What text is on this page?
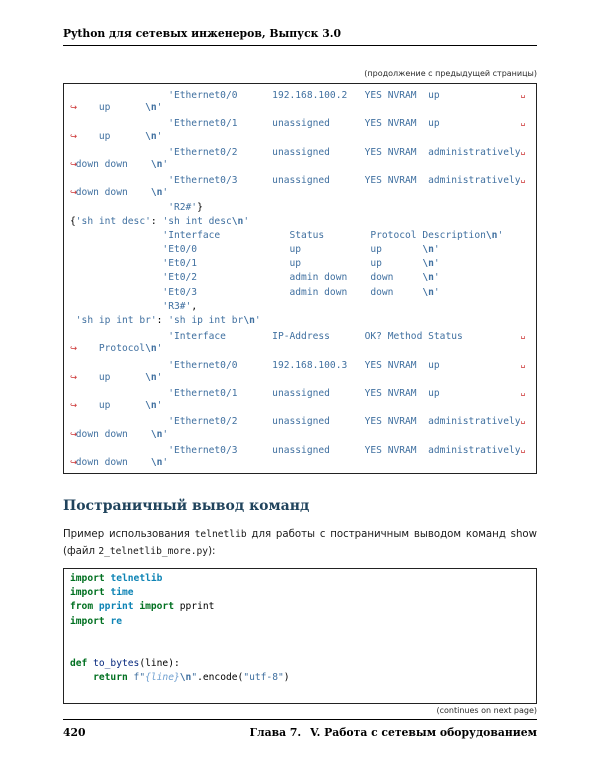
Python для сетевых инженеров, Выпуск 3.0
(продолжение с предыдущей страницы)
'Ethernet0/0      192.168.100.2   YES NVRAM  up	␣
↪    up      \n'
'Ethernet0/1      unassigned      YES NVRAM  up	␣
↪    up      \n'
'Ethernet0/2      unassigned      YES NVRAM  administratively␣
↪down down    \n'
'Ethernet0/3      unassigned      YES NVRAM  administratively␣
↪down down    \n'
'R2#'}
{'sh int desc': 'sh int desc\n'
'Interface            Status        Protocol Description\n'
'Et0/0                up            up       \n'
'Et0/1                up            up       \n'
'Et0/2                admin down    down     \n'
'Et0/3                admin down    down     \n'
'R3#',
'sh ip int br': 'sh ip int br\n'
'Interface        IP-Address      OK? Method Status	␣
↪    Protocol\n'
'Ethernet0/0      192.168.100.3   YES NVRAM  up	␣
↪    up      \n'
'Ethernet0/1      unassigned      YES NVRAM  up	␣
↪    up      \n'
'Ethernet0/2      unassigned      YES NVRAM  administratively␣
↪down down    \n'
'Ethernet0/3      unassigned      YES NVRAM  administratively␣
↪down down    \n'
Постраничный вывод команд

Пример использования telnetlib для работы с постраничным выводом команд show (файл 2_telnetlib_more.py):

import telnetlib
import time
from pprint import pprint
import re

def to_bytes(line):
return f"{line}\n".encode("utf-8")

(continues on next page)
420	Глава 7. V. Работа с сетевым оборудованием
